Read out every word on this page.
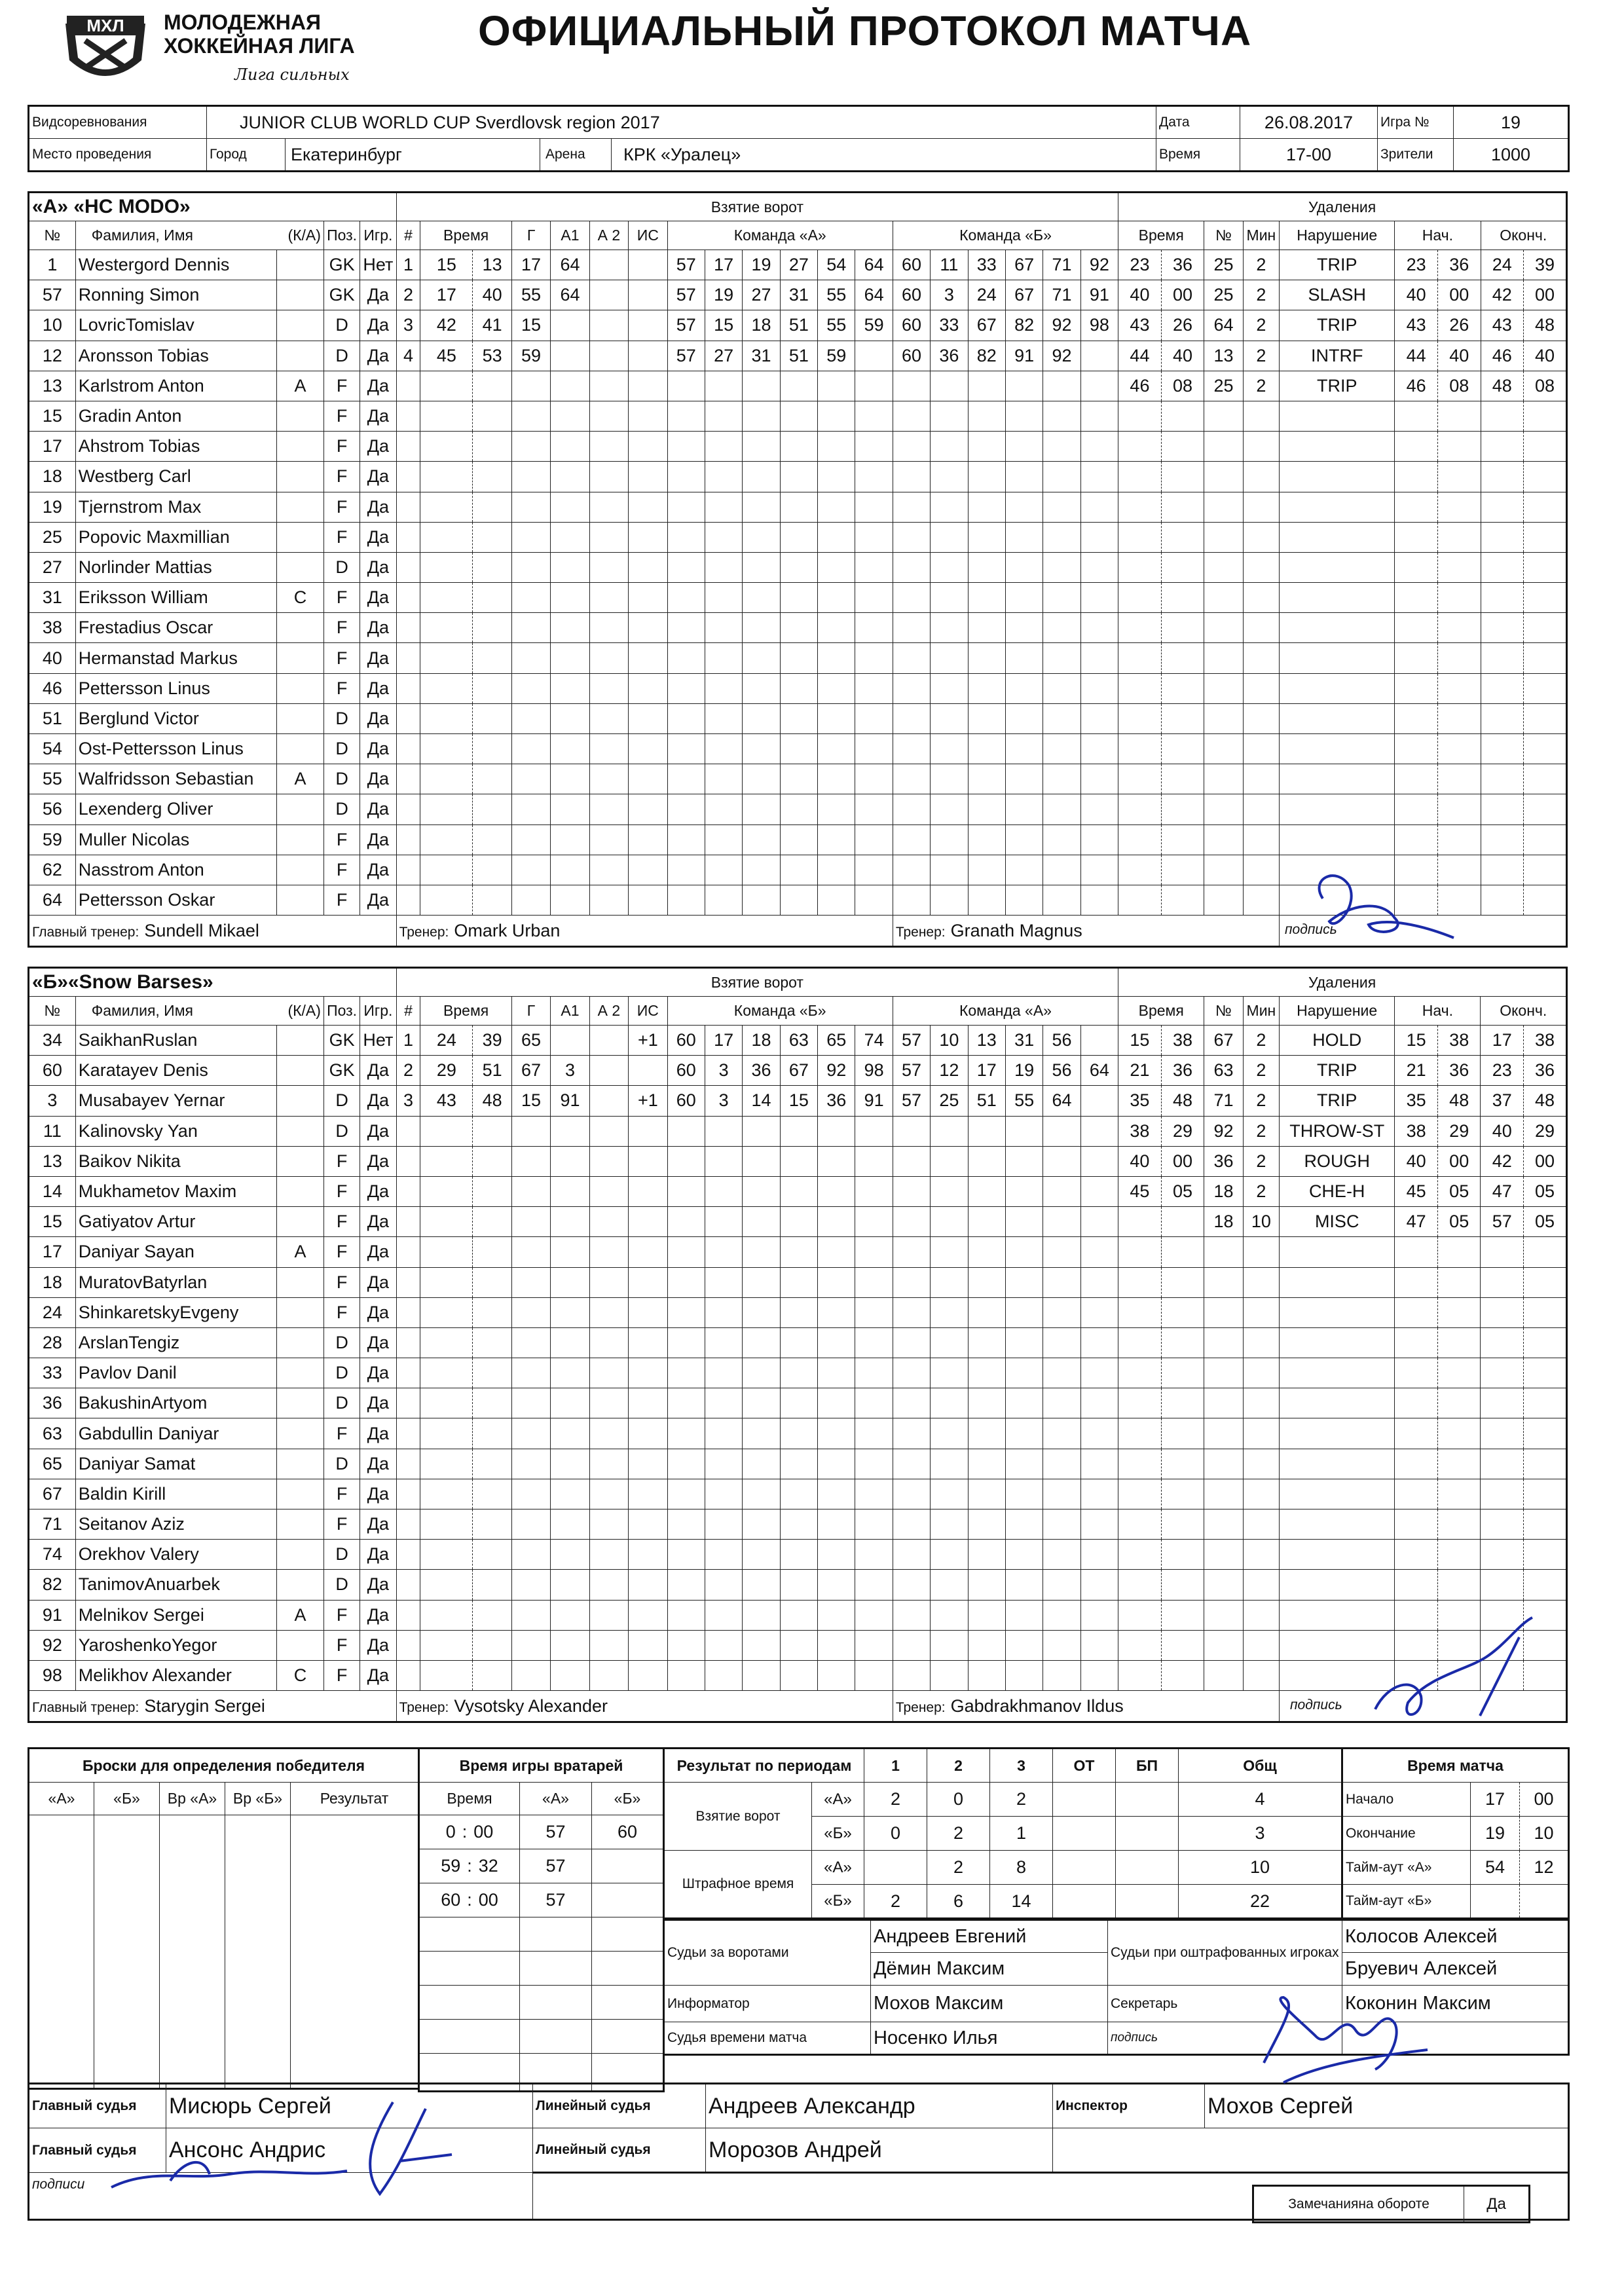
МХЛ МОЛОДЕЖНАЯ
ХОККЕЙНАЯ ЛИГА
Лига сильных
ОФИЦИАЛЬНЫЙ ПРОТОКОЛ МАТЧА
Видсоревнования	JUNIOR CLUB WORLD CUP Sverdlovsk region 2017		Дата	26.08.2017	Игра №	19
Место проведения	Город	Екатеринбург Арена КРК «Уралец»	Время	17-00	Зрители	1000
«А» «HC MODO»					Взятие ворот																			Удаления								
№	Фамилия, Имя (К/А)		Поз.	Игр.	#	Время		Г	А1	А 2	ИС	Команда «А»						Команда «Б»						Время		№	Мин	Нарушение	Нач.		Оконч.	
1	Westergord Dennis		GK	Нет	1	15	13	17	64			57	17	19	27	54	64	60	11	33	67	71	92	23	36	25	2	TRIP	23	36	24	39
57	Ronning Simon		GK	Да	2	17	40	55	64			57	19	27	31	55	64	60	3	24	67	71	91	40	00	25	2	SLASH	40	00	42	00
10	LovricTomislav		D	Да	3	42	41	15				57	15	18	51	55	59	60	33	67	82	92	98	43	26	64	2	TRIP	43	26	43	48
12	Aronsson Tobias		D	Да	4	45	53	59				57	27	31	51	59		60	36	82	91	92		44	40	13	2	INTRF	44	40	46	40
13	Karlstrom Anton	A	F	Да																				46	08	25	2	TRIP	46	08	48	08
15	Gradin Anton		F	Да																												
17	Ahstrom Tobias		F	Да																												
18	Westberg Carl		F	Да																												
19	Tjernstrom Max		F	Да																												
25	Popovic Maxmillian		F	Да																												
27	Norlinder Mattias		D	Да																												
31	Eriksson William	C	F	Да																												
38	Frestadius Oscar		F	Да																												
40	Hermanstad Markus		F	Да																												
46	Pettersson Linus		F	Да																												
51	Berglund Victor		D	Да																												
54	Ost-Pettersson Linus		D	Да																												
55	Walfridsson Sebastian	A	D	Да																												
56	Lexenderg Oliver		D	Да																												
59	Muller Nicolas		F	Да																												
62	Nasstrom Anton		F	Да																												
64	Pettersson Oskar		F	Да																												
Главный тренер: Sundell Mikael					Тренер: Omark Urban													Тренер: Granath Magnus														
«Б»«Snow Barses»					Взятие ворот																			Удаления								
№	Фамилия, Имя (К/А)		Поз.	Игр.	#	Время		Г	А1	А 2	ИС	Команда «Б»						Команда «А»						Время		№	Мин	Нарушение	Нач.		Оконч.	
34	SaikhanRuslan		GK	Нет	1	24	39	65			+1	60	17	18	63	65	74	57	10	13	31	56		15	38	67	2	HOLD	15	38	17	38
60	Karatayev Denis		GK	Да	2	29	51	67	3			60	3	36	67	92	98	57	12	17	19	56	64	21	36	63	2	TRIP	21	36	23	36
3	Musabayev Yernar		D	Да	3	43	48	15	91		+1	60	3	14	15	36	91	57	25	51	55	64		35	48	71	2	TRIP	35	48	37	48
11	Kalinovsky Yan		D	Да																				38	29	92	2	THROW-ST	38	29	40	29
13	Baikov Nikita		F	Да																				40	00	36	2	ROUGH	40	00	42	00
14	Mukhametov Maxim		F	Да																				45	05	18	2	CHE-H	45	05	47	05
15	Gatiyatov Artur		F	Да																						18	10	MISC	47	05	57	05
17	Daniyar Sayan	A	F	Да																												
18	MuratovBatyrlan		F	Да																												
24	ShinkaretskyEvgeny		F	Да																												
28	ArslanTengiz		D	Да																												
33	Pavlov Danil		D	Да																												
36	BakushinArtyom		D	Да																												
63	Gabdullin Daniyar		F	Да																												
65	Daniyar Samat		D	Да																												
67	Baldin Kirill		F	Да																												
71	Seitanov Aziz		F	Да																												
74	Orekhov Valery		D	Да																												
82	TanimovAnuarbek		D	Да																												
91	Melnikov Sergei	A	F	Да																												
92	YaroshenkoYegor		F	Да																												
98	Melikhov Alexander	C	F	Да																												
Главный тренер: Starygin Sergei					Тренер: Vysotsky Alexander													Тренер: Gabdrakhmanov Ildus														
Броски для определения победителя				
«А»	«Б»	Вр «А»	Вр «Б»	Результат

Время игры вратарей		
Время	«А»	«Б»
0 : 00	57	60
59 : 32	57	
60 : 00	57	

Результат по периодам		1	2	3	ОТ	БП	Общ
Взятие ворот	«А»	2	0	2			4
	«Б»	0	2	1			3
Штрафное время	«А»		2	8			10
	«Б»	2	6	14			22
Время матча		
Начало	17	00
Окончание	19	10
Тайм-аут «А»	54	12
Тайм-аут «Б»		
Судьи за воротами	Андреев Евгений	Судьи при оштрафованных игроках	Колосов Алексей
	Дёмин Максим		Бруевич Алексей
Информатор	Мохов Максим	Секретарь	Коконин Максим
Судья времени матча	Носенко Илья	подпись	
Главный судья	Мисюрь Сергей	Линейный судья	Андреев Александр	Инспектор	Мохов Сергей
Главный судья	Ансонс Андрис	Линейный судья	Морозов Андрей		
подписи					
Замечанияна обороте	Да
подпись
подпись
